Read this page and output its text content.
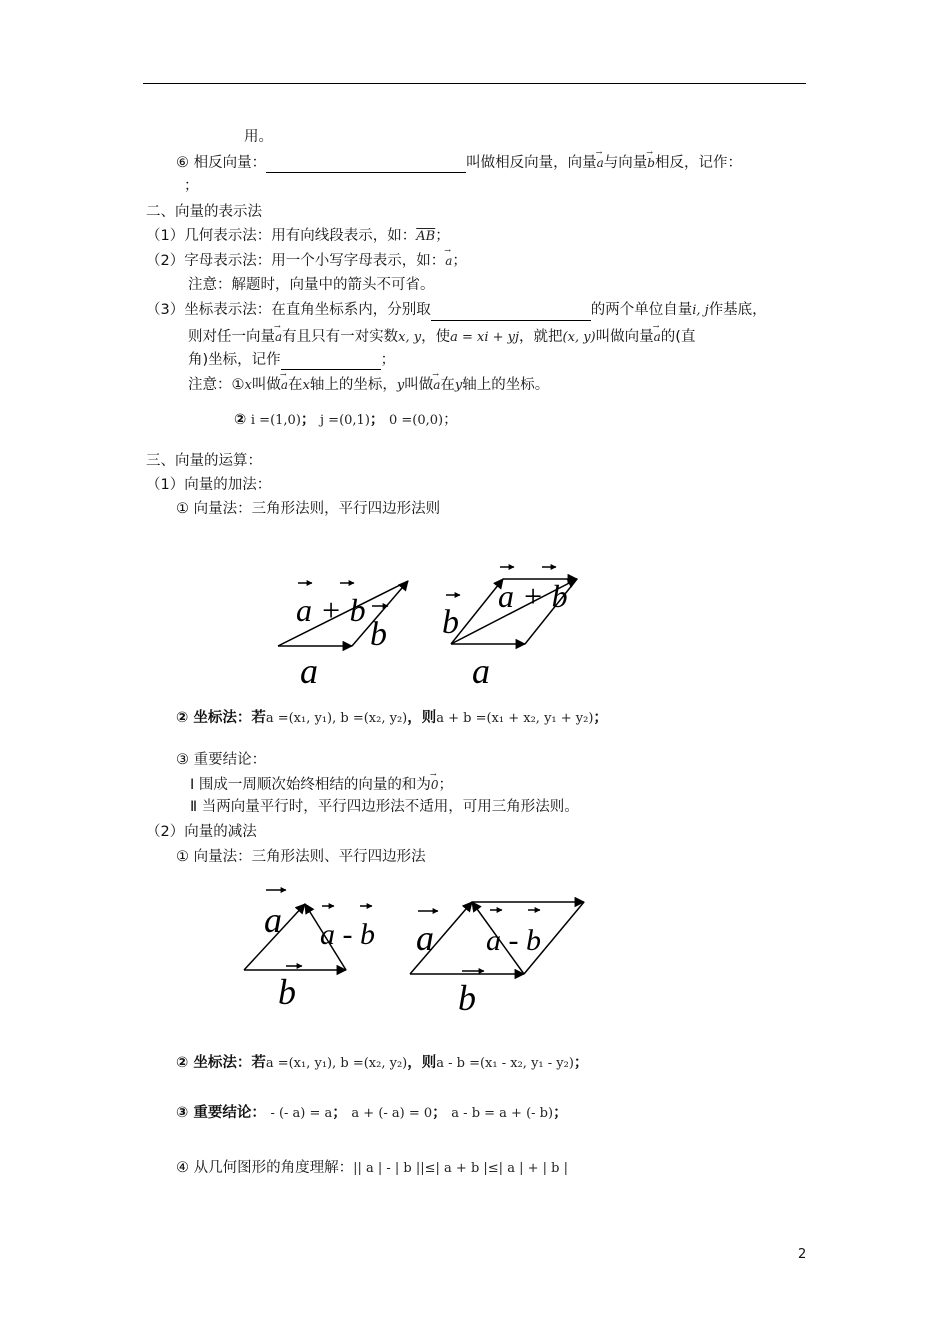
用。
⑥ 相反向量：	叫做相反向量，向量→ a与向量→ b相反，记作：
；
二、向量的表示法
（1）几何表示法：用有向线段表示，如：$\overline{AB}$；
（2）字母表示法：用一个小写字母表示，如：→ a；
注意：解题时，向量中的箭头不可省。
（3）坐标表示法：在直角坐标系内，分别取	的两个单位自量i, j作基底，
则对任一向量→ a有且只有一对实数x, y，使a = xi + yj，就把(x, y)叫做向量→ a的(直
角)坐标，记作	；
注意：①x叫做→ a在x轴上的坐标，y叫做→ a在y轴上的坐标。
② i =(1,0)； j =(0,1)； 0 =(0,0)；
三、向量的运算：
（1）向量的加法：
① 向量法：三角形法则，平行四边形法则
a + b
b
a
b
a + b
a
② 坐标法：若a =(x₁, y₁), b =(x₂, y₂)，则a + b =(x₁ + x₂, y₁ + y₂)；
③ 重要结论：
Ⅰ 围成一周顺次始终相结的向量的和为→ 0；
Ⅱ 当两向量平行时，平行四边形法不适用，可用三角形法则。
（2）向量的减法
① 向量法：三角形法则、平行四边形法
a a - b
b
a a - b
b
② 坐标法：若a =(x₁, y₁), b =(x₂, y₂)，则a - b =(x₁ - x₂, y₁ - y₂)；
③ 重要结论： - (- a) = a； a + (- a) = 0； a - b = a + (- b)；
④ 从几何图形的角度理解：|| a | - | b ||≤| a + b |≤| a | + | b |
2
